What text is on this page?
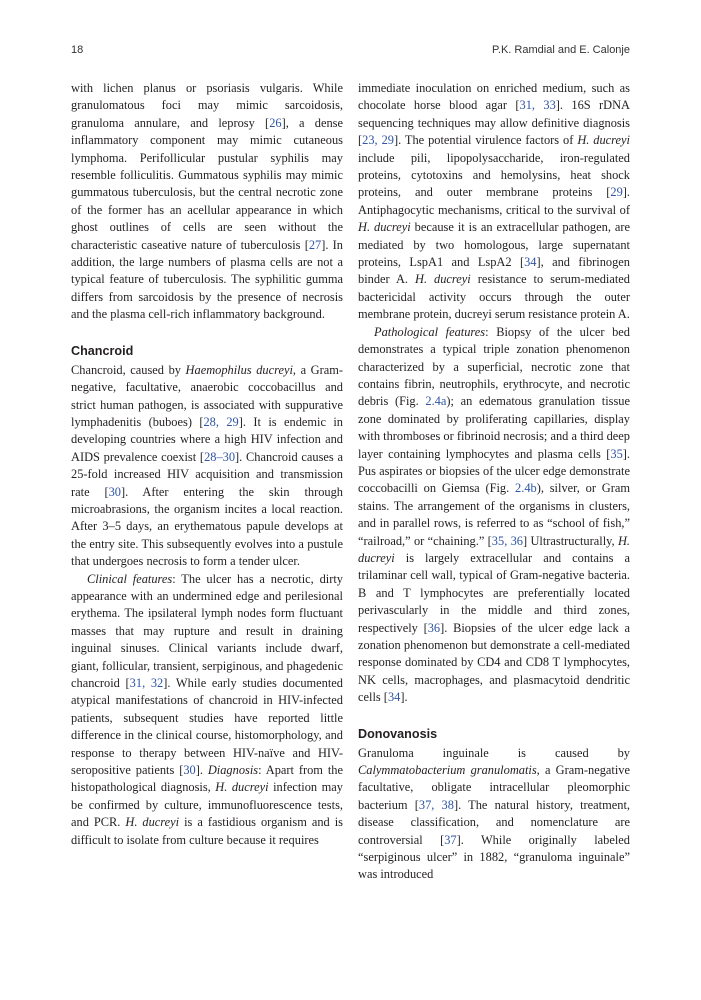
18	P.K. Ramdial and E. Calonje

with lichen planus or psoriasis vulgaris. While granulomatous foci may mimic sarcoidosis, granuloma annulare, and leprosy [26], a dense inflammatory component may mimic cutaneous lymphoma. Perifollicular pustular syphilis may resemble folliculitis. Gummatous syphilis may mimic gummatous tuberculosis, but the central necrotic zone of the former has an acellular appearance in which ghost outlines of cells are seen without the characteristic caseative nature of tuberculosis [27]. In addition, the large numbers of plasma cells are not a typical feature of tuberculosis. The syphilitic gumma differs from sarcoidosis by the presence of necrosis and the plasma cell-rich inflammatory background.

Chancroid

Chancroid, caused by Haemophilus ducreyi, a Gram-negative, facultative, anaerobic coccobacillus and strict human pathogen, is associated with suppurative lymphadenitis (buboes) [28, 29]. It is endemic in developing countries where a high HIV infection and AIDS prevalence coexist [28–30]. Chancroid causes a 25-fold increased HIV acquisition and transmission rate [30]. After entering the skin through microabrasions, the organism incites a local reaction. After 3–5 days, an erythematous papule develops at the entry site. This subsequently evolves into a pustule that undergoes necrosis to form a tender ulcer.

Clinical features: The ulcer has a necrotic, dirty appearance with an undermined edge and perilesional erythema. The ipsilateral lymph nodes form fluctuant masses that may rupture and result in draining inguinal sinuses. Clinical variants include dwarf, giant, follicular, transient, serpiginous, and phagedenic chancroid [31, 32]. While early studies documented atypical manifestations of chancroid in HIV-infected patients, subsequent studies have reported little difference in the clinical course, histomorphology, and response to therapy between HIV-naïve and HIV-seropositive patients [30]. Diagnosis: Apart from the histopathological diagnosis, H. ducreyi infection may be confirmed by culture, immunofluorescence tests, and PCR. H. ducreyi is a fastidious organism and is difficult to isolate from culture because it requires

immediate inoculation on enriched medium, such as chocolate horse blood agar [31, 33]. 16S rDNA sequencing techniques may allow definitive diagnosis [23, 29]. The potential virulence factors of H. ducreyi include pili, lipopolysaccharide, iron-regulated proteins, cytotoxins and hemolysins, heat shock proteins, and outer membrane proteins [29]. Antiphagocytic mechanisms, critical to the survival of H. ducreyi because it is an extracellular pathogen, are mediated by two homologous, large supernatant proteins, LspA1 and LspA2 [34], and fibrinogen binder A. H. ducreyi resistance to serum-mediated bactericidal activity occurs through the outer membrane protein, ducreyi serum resistance protein A.

Pathological features: Biopsy of the ulcer bed demonstrates a typical triple zonation phenomenon characterized by a superficial, necrotic zone that contains fibrin, neutrophils, erythrocyte, and necrotic debris (Fig. 2.4a); an edematous granulation tissue zone dominated by proliferating capillaries, display with thromboses or fibrinoid necrosis; and a third deep layer containing lymphocytes and plasma cells [35]. Pus aspirates or biopsies of the ulcer edge demonstrate coccobacilli on Giemsa (Fig. 2.4b), silver, or Gram stains. The arrangement of the organisms in clusters, and in parallel rows, is referred to as “school of fish,” “railroad,” or “chaining.” [35, 36] Ultrastructurally, H. ducreyi is largely extracellular and contains a trilaminar cell wall, typical of Gram-negative bacteria. B and T lymphocytes are preferentially located perivascularly in the middle and third zones, respectively [36]. Biopsies of the ulcer edge lack a zonation phenomenon but demonstrate a cell-mediated response dominated by CD4 and CD8 T lymphocytes, NK cells, macrophages, and plasmacytoid dendritic cells [34].

Donovanosis

Granuloma inguinale is caused by Calymmatobacterium granulomatis, a Gram-negative facultative, obligate intracellular pleomorphic bacterium [37, 38]. The natural history, treatment, disease classification, and nomenclature are controversial [37]. While originally labeled “serpiginous ulcer” in 1882, “granuloma inguinale” was introduced
